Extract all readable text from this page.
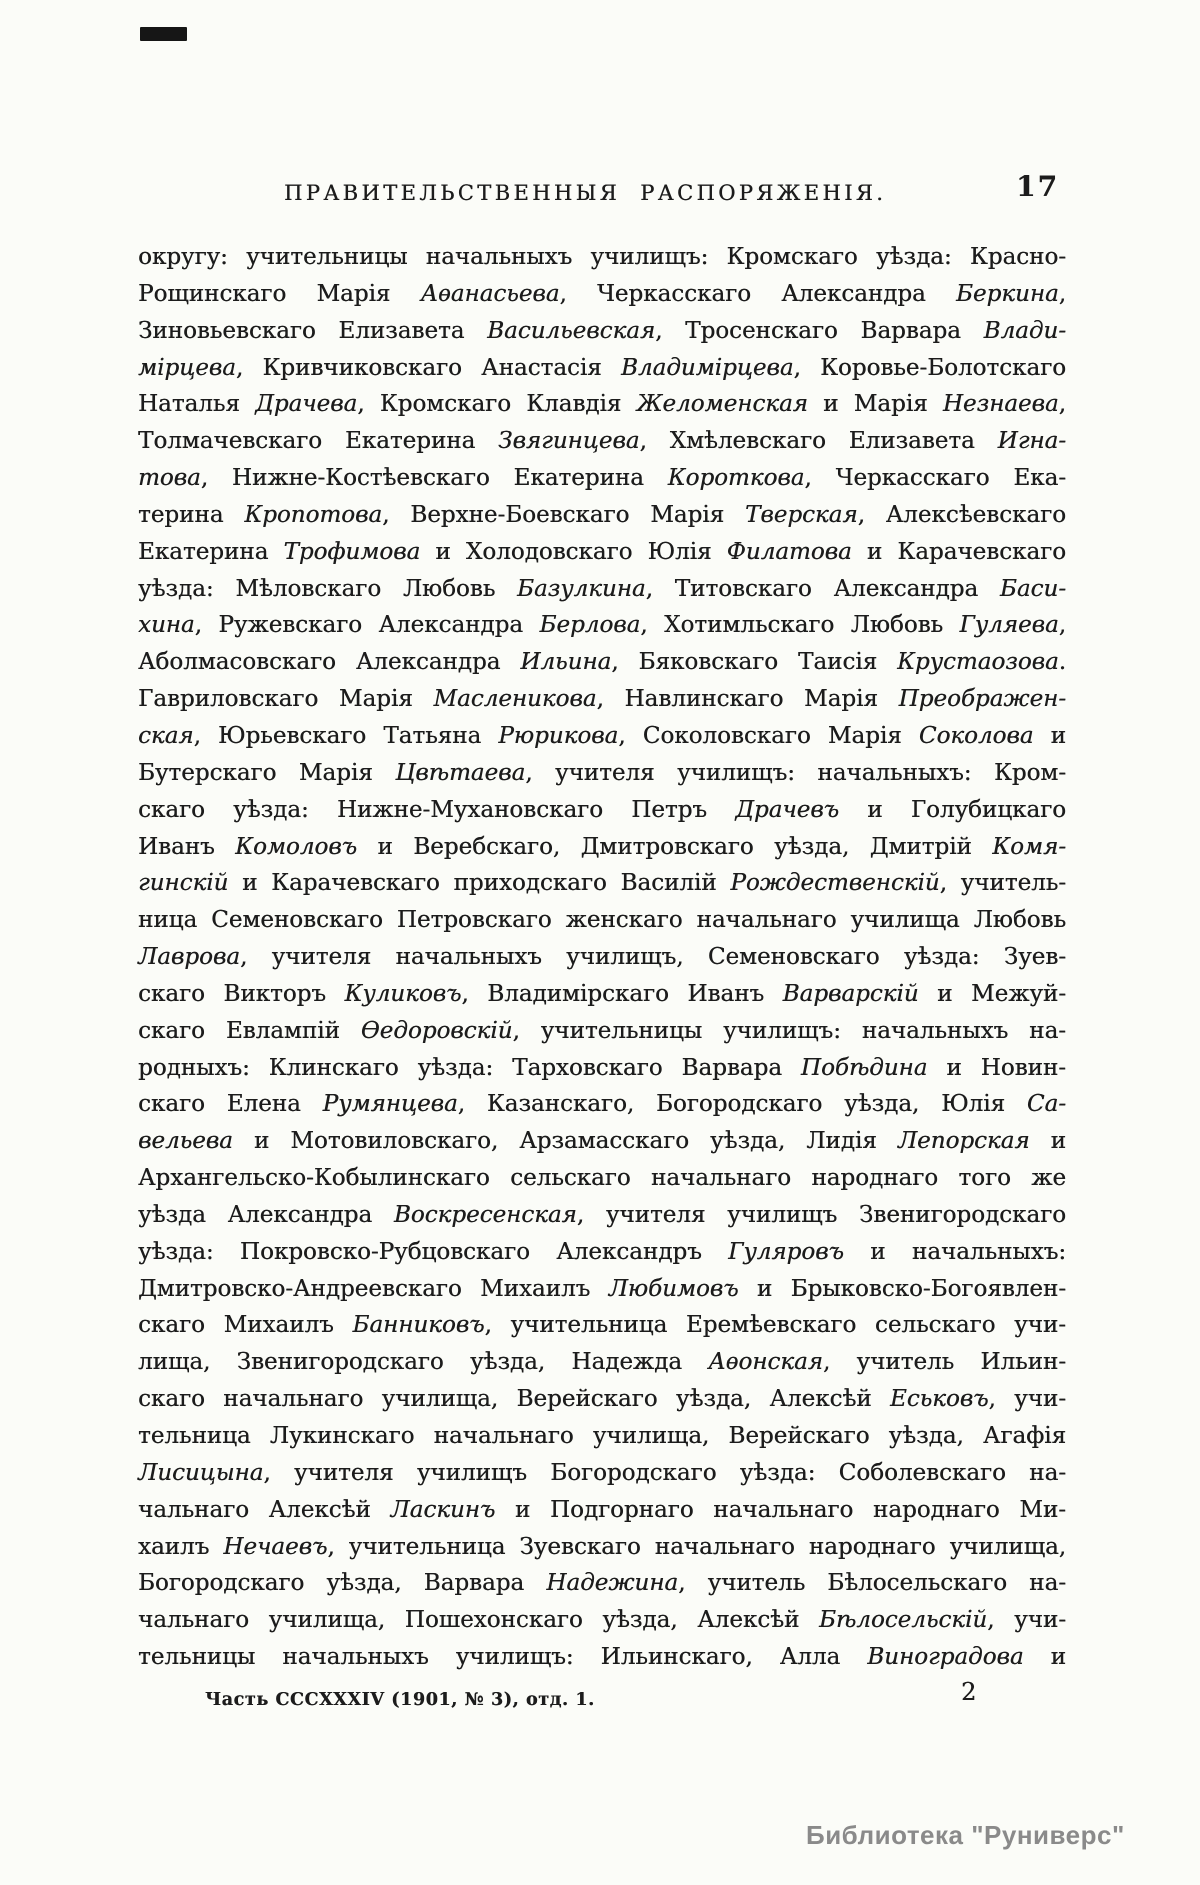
ПРАВИТЕЛЬСТВЕННЫЯ  РАСПОРЯЖЕНІЯ.	17
округу: учительницы начальныхъ училищъ: Кромскаго уѣзда: Красно-
Рощинскаго Марія Аѳанасьева, Черкасскаго Александра Беркина,
Зиновьевскаго Елизавета Васильевская, Тросенскаго Варвара Влади-
мірцева, Кривчиковскаго Анастасія Владимірцева, Коровье-Болотскаго
Наталья Драчева, Кромскаго Клавдія Желоменская и Марія Незнаева,
Толмачевскаго Екатерина Звягинцева, Хмѣлевскаго Елизавета Игна-
това, Нижне-Костѣевскаго Екатерина Короткова, Черкасскаго Ека-
терина Кропотова, Верхне-Боевскаго Марія Тверская, Алексѣевскаго
Екатерина Трофимова и Холодовскаго Юлія Филатова и Карачевскаго
уѣзда: Мѣловскаго Любовь Базулкина, Титовскаго Александра Баси-
хина, Ружевскаго Александра Берлова, Хотимльскаго Любовь Гуляева,
Аболмасовскаго Александра Ильина, Бяковскаго Таисія Крустаозова.
Гавриловскаго Марія Масленикова, Навлинскаго Марія Преображен-
ская, Юрьевскаго Татьяна Рюрикова, Соколовскаго Марія Соколова и
Бутерскаго Марія Цвѣтаева, учителя училищъ: начальныхъ: Кром-
скаго уѣзда: Нижне-Мухановскаго Петръ Драчевъ и Голубицкаго
Иванъ Комоловъ и Веребскаго, Дмитровскаго уѣзда, Дмитрій Комя-
гинскій и Карачевскаго приходскаго Василій Рождественскій, учитель-
ница Семеновскаго Петровскаго женскаго начальнаго училища Любовь
Лаврова, учителя начальныхъ училищъ, Семеновскаго уѣзда: Зуев-
скаго Викторъ Куликовъ, Владимірскаго Иванъ Варварскій и Межуй-
скаго Евлампій Ѳедоровскій, учительницы училищъ: начальныхъ на-
родныхъ: Клинскаго уѣзда: Тарховскаго Варвара Побѣдина и Новин-
скаго Елена Румянцева, Казанскаго, Богородскаго уѣзда, Юлія Са-
вельева и Мотовиловскаго, Арзамасскаго уѣзда, Лидія Лепорская и
Архангельско-Кобылинскаго сельскаго начальнаго народнаго того же
уѣзда Александра Воскресенская, учителя училищъ Звенигородскаго
уѣзда: Покровско-Рубцовскаго Александръ Гуляровъ и начальныхъ:
Дмитровско-Андреевскаго Михаилъ Любимовъ и Брыковско-Богоявлен-
скаго Михаилъ Банниковъ, учительница Еремѣевскаго сельскаго учи-
лища, Звенигородскаго уѣзда, Надежда Аѳонская, учитель Ильин-
скаго начальнаго училища, Верейскаго уѣзда, Алексѣй Еськовъ, учи-
тельница Лукинскаго начальнаго училища, Верейскаго уѣзда, Агафія
Лисицына, учителя училищъ Богородскаго уѣзда: Соболевскаго на-
чальнаго Алексѣй Ласкинъ и Подгорнаго начальнаго народнаго Ми-
хаилъ Нечаевъ, учительница Зуевскаго начальнаго народнаго училища,
Богородскаго уѣзда, Варвара Надежина, учитель Бѣлосельскаго на-
чальнаго училища, Пошехонскаго уѣзда, Алексѣй Бѣлосельскій, учи-
тельницы начальныхъ училищъ: Ильинскаго, Алла Виноградова и
Часть CCCXXXIV (1901, № 3), отд. 1.	2
Библиотека "Руниверс"
